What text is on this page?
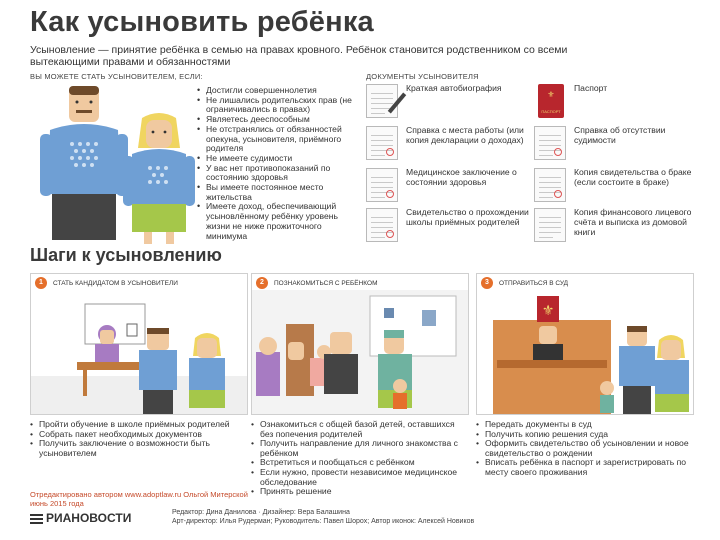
Как усыновить ребёнка
Усыновление — принятие ребёнка в семью на правах кровного. Ребёнок становится родственником со всеми вытекающими правами и обязанностями
ВЫ МОЖЕТЕ СТАТЬ УСЫНОВИТЕЛЕМ, ЕСЛИ:
• Достигли совершеннолетия
• Не лишались родительских прав (не ограничивались в правах)
• Являетесь дееспособным
• Не отстранялись от обязанностей опекуна, усыновителя, приёмного родителя
• Не имеете судимости
• У вас нет противопоказаний по состоянию здоровья
• Вы имеете постоянное место жительства
• Имеете доход, обеспечивающий усыновлённому ребёнку уровень жизни не ниже прожиточного минимума
ДОКУМЕНТЫ УСЫНОВИТЕЛЯ
Краткая автобиография
⚜
ПАСПОРТ
Паспорт
Справка с места работы (или копия декларации о доходах)
Справка об отсутствии судимости
Медицинское заключение о состоянии здоровья
Копия свидетельства о браке (если состоите в браке)
Свидетельство о прохождении школы приёмных родителей
Копия финансового лицевого счёта и выписка из домовой книги
Шаги к усыновлению
1	СТАТЬ КАНДИДАТОМ В УСЫНОВИТЕЛИ	2	ПОЗНАКОМИТЬСЯ С РЕБЁНКОМ	3	ОТПРАВИТЬСЯ В СУД
⚜
• Пройти обучение в школе приёмных родителей
• Собрать пакет необходимых документов
• Получить заключение о возможности быть усыновителем
• Ознакомиться с общей базой детей, оставшихся без попечения родителей
• Получить направление для личного знакомства с ребёнком
• Встретиться и пообщаться с ребёнком
• Если нужно, провести независимое медицинское обследование
• Принять решение
• Передать документы в суд
• Получить копию решения суда
• Оформить свидетельство об усыновлении и новое свидетельство о рождении
• Вписать ребёнка в паспорт и зарегистрировать по месту своего проживания
Отредактировано автором www.adoptlaw.ru Ольгой Митерской
июнь 2015 года
РИАНОВОСТИ	Редактор: Дина Данилова · Дизайнер: Вера Балашина
Арт-директор: Илья Рудерман; Руководитель: Павел Шорох; Автор иконок: Алексей Новиков
